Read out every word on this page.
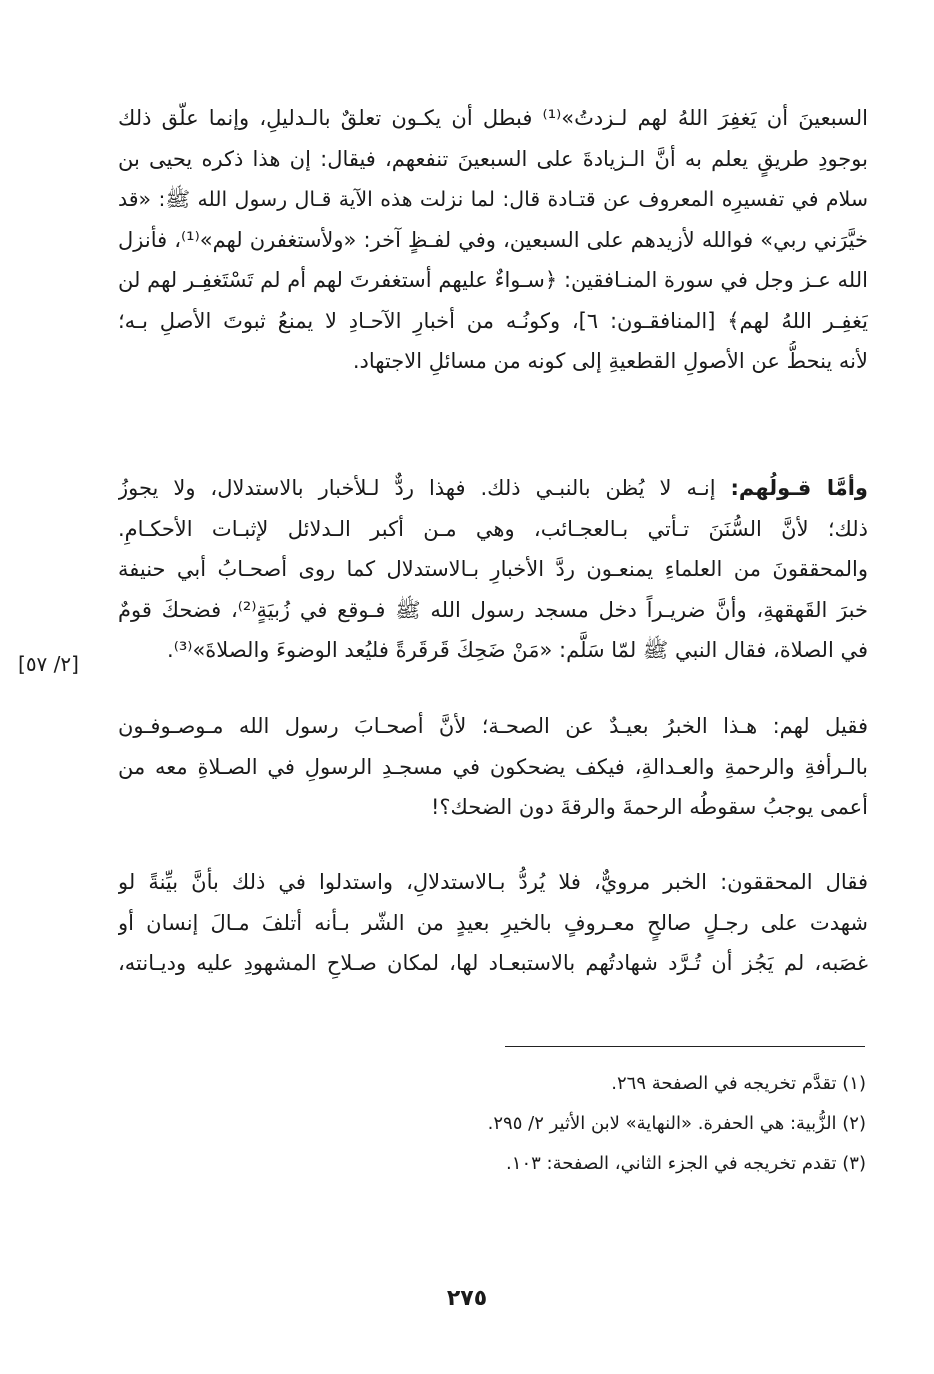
السبعينَ أن يَغفِرَ اللهُ لهم لـزدتُ»⁽¹⁾ فبطل أن يكـون تعلقٌ بالـدليلِ، وإنما علّق ذلك
بوجودِ طريقٍ يعلم به أنَّ الـزيادةَ على السبعينَ تنفعهم، فيقال: إن هذا ذكره يحيى بن
سلام في تفسيرِه المعروف عن قتـادة قال: لما نزلت هذه الآية قـال رسول الله ﷺ: «قد
خيَّرَني ربي» فوالله لأزيدهم على السبعين، وفي لفـظٍ آخر: «ولأستغفرن لهم»⁽¹⁾، فأنزل
الله عـز وجل في سورة المنـافقين: ﴿سـواءٌ عليهم أستغفرتَ لهم أم لم تَسْتَغفِـر لهم لن
يَغفِـر اللهُ لهم﴾ [المنافقـون: ٦]، وكونُـه من أخبارِ الآحـادِ لا يمنعُ ثبوتَ الأصلِ بـه؛
لأنه ينحطُّ عن الأصولِ القطعيةِ إلى كونه من مسائلِ الاجتهاد.
وأمَّا قـولُهم: إنـه لا يُظن بالنبـي ذلك. فهذا ردٌّ لـلأخبار بالاستدلال، ولا يجوزُ
ذلك؛ لأنَّ السُّنَنَ تـأتي بـالعجـائب، وهي مـن أكبر الـدلائل لإثبـات الأحكـامِ.
والمحققونَ من العلماءِ يمنعـون ردَّ الأخبارِ بـالاستدلال كما روى أصحـابُ أبي حنيفة
خبرَ القَهقهةِ، وأنَّ ضريـراً دخل مسجد رسول الله ﷺ فـوقع في زُبيَةٍ⁽²⁾، فضحكَ قومٌ
في الصلاة، فقال النبي ﷺ لمّا سَلَّم: «مَنْ ضَحِكَ قَرقَرةً فليُعد الوضوءَ والصلاةَ»⁽³⁾.
[٢/ ٥٧]
فقيل لهم: هـذا الخبرُ بعيـدٌ عن الصحـة؛ لأنَّ أصحـابَ رسول الله مـوصـوفـون
بالـرأفةِ والرحمةِ والعـدالةِ، فيكف يضحكون في مسجـدِ الرسولِ في الصـلاةِ معه من
أعمى يوجبُ سقوطُه الرحمةَ والرقةَ دون الضحك؟!
فقال المحققون: الخبر مرويٌّ، فلا يُردُّ بـالاستدلالِ، واستدلوا في ذلك بأنَّ بيِّنةً لو
شهدت على رجـلٍ صالحٍ معـروفٍ بالخيرِ بعيدٍ من الشّر بـأنه أتلفَ مـالَ إنسان أو
غصَبه، لم يَجُز أن تُـرَّد شهادتُهم بالاستبعـاد لها، لمكان صـلاحِ المشهودِ عليه وديـانته،
(١) تقدَّم تخريجه في الصفحة ٢٦٩.
(٢) الزُّبية: هي الحفرة. «النهاية» لابن الأثير ٢/ ٢٩٥.
(٣) تقدم تخريجه في الجزء الثاني، الصفحة: ١٠٣.
٢٧٥
